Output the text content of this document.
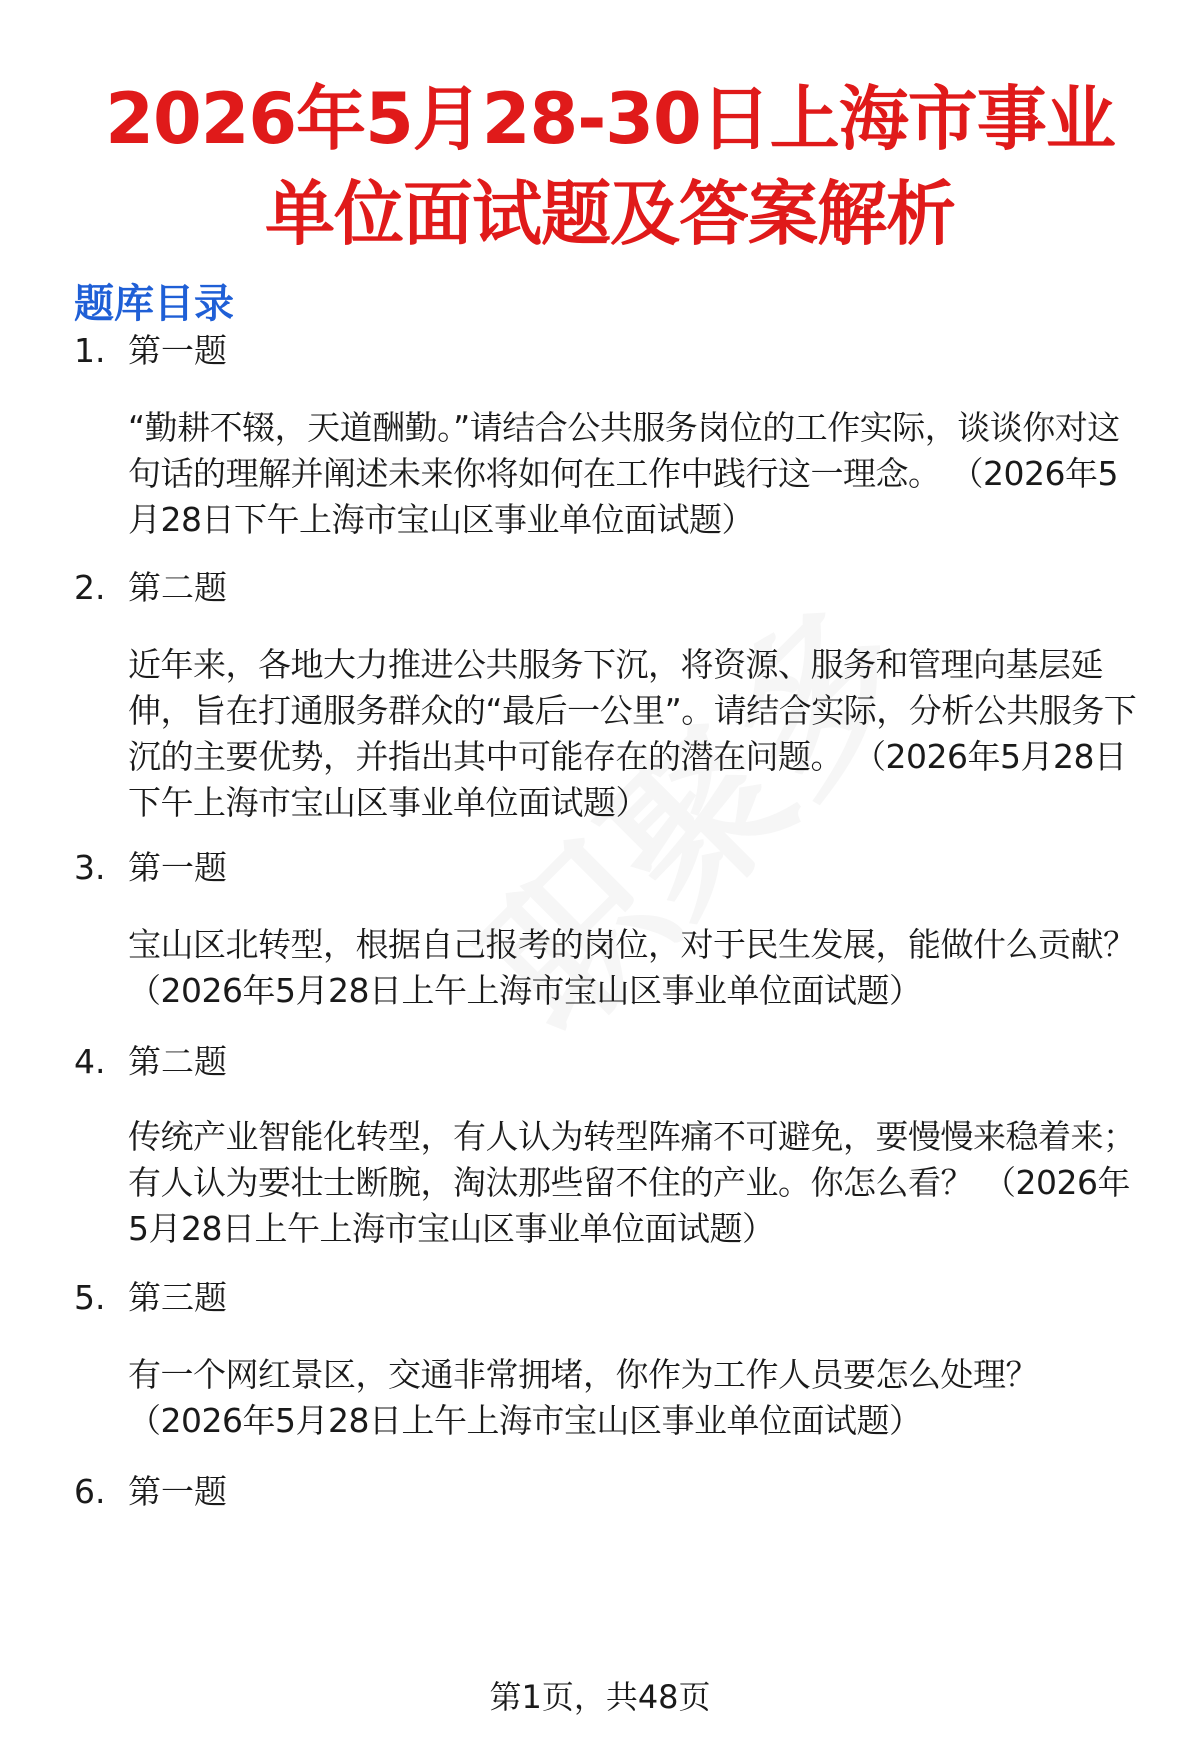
2026年5月28-30日上海市事业单位面试题及答案解析
题库目录
1. 第一题
“勤耕不辍，天道酬勤。”请结合公共服务岗位的工作实际，谈谈你对这句话的理解并阐述未来你将如何在工作中践行这一理念。 （2026年5月28日下午上海市宝山区事业单位面试题）
2. 第二题
近年来，各地大力推进公共服务下沉，将资源、服务和管理向基层延伸，旨在打通服务群众的“最后一公里”。请结合实际，分析公共服务下沉的主要优势，并指出其中可能存在的潜在问题。 （2026年5月28日下午上海市宝山区事业单位面试题）
3. 第一题
宝山区北转型，根据自己报考的岗位，对于民生发展，能做什么贡献？ （2026年5月28日上午上海市宝山区事业单位面试题）
4. 第二题
传统产业智能化转型，有人认为转型阵痛不可避免，要慢慢来稳着来；有人认为要壮士断腕，淘汰那些留不住的产业。你怎么看？ （2026年5月28日上午上海市宝山区事业单位面试题）
5. 第三题
有一个网红景区，交通非常拥堵，你作为工作人员要怎么处理？ （2026年5月28日上午上海市宝山区事业单位面试题）
6. 第一题
第1页，共48页
